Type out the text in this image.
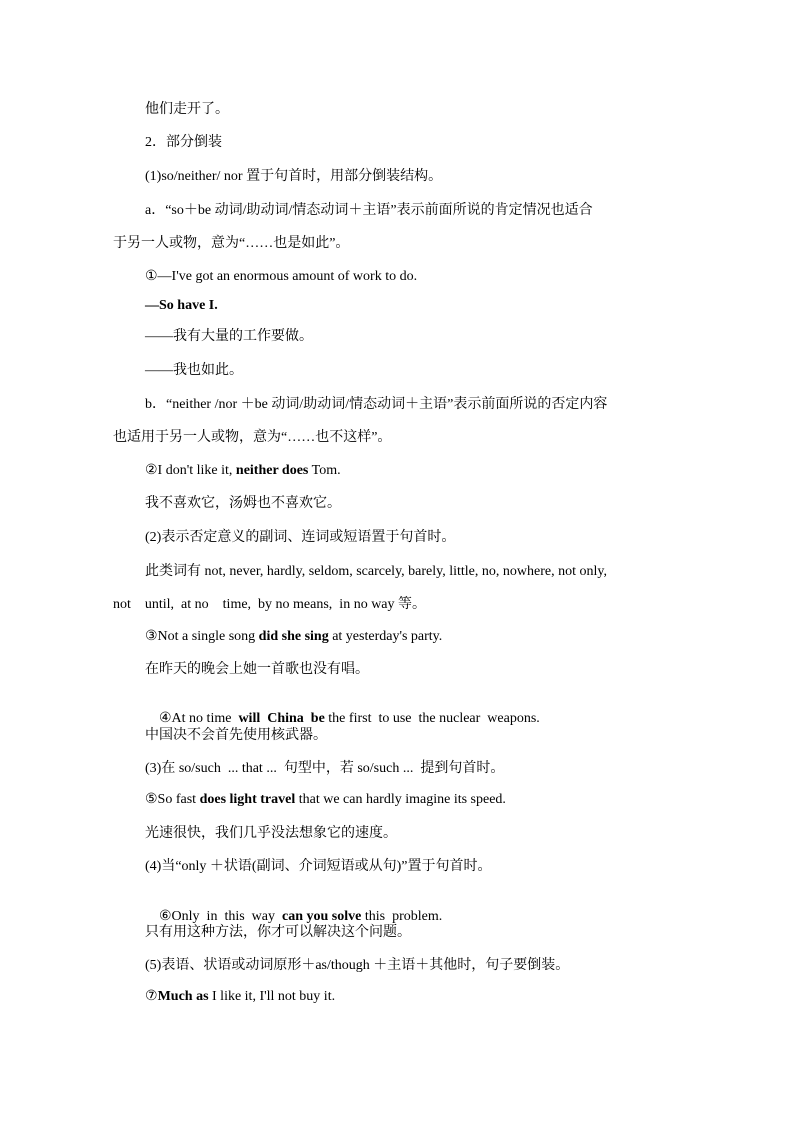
他们走开了。
2．部分倒装
(1)so/neither/ nor 置于句首时，用部分倒装结构。
a．“so＋be 动词/助动词/情态动词＋主语”表示前面所说的肯定情况也适合
于另一人或物，意为“……也是如此”。
①—I've got an enormous amount of work to do.
—So have I.
——我有大量的工作要做。
——我也如此。
b．“neither /nor ＋be 动词/助动词/情态动词＋主语”表示前面所说的否定内容
也适用于另一人或物，意为“……也不这样”。
②I don't like it, neither does Tom.
我不喜欢它，汤姆也不喜欢它。
(2)表示否定意义的副词、连词或短语置于句首时。
此类词有 not, never, hardly, seldom, scarcely, barely, little, no, nowhere, not only,
not    until,  at no    time,  by no means,  in no way 等。
③Not a single song did she sing at yesterday's party.
在昨天的晚会上她一首歌也没有唱。

④At no time  will  China  be the first  to use  the nuclear  weapons.

中国决不会首先使用核武器。
(3)在 so/such  ... that ...  句型中，若 so/such ...  提到句首时。
⑤So fast does light travel that we can hardly imagine its speed.
光速很快，我们几乎没法想象它的速度。
(4)当“only ＋状语(副词、介词短语或从句)”置于句首时。

⑥Only  in  this  way  can you solve this  problem.

只有用这种方法，你才可以解决这个问题。
(5)表语、状语或动词原形＋as/though ＋主语＋其他时，句子要倒装。
⑦Much as I like it, I'll not buy it.
